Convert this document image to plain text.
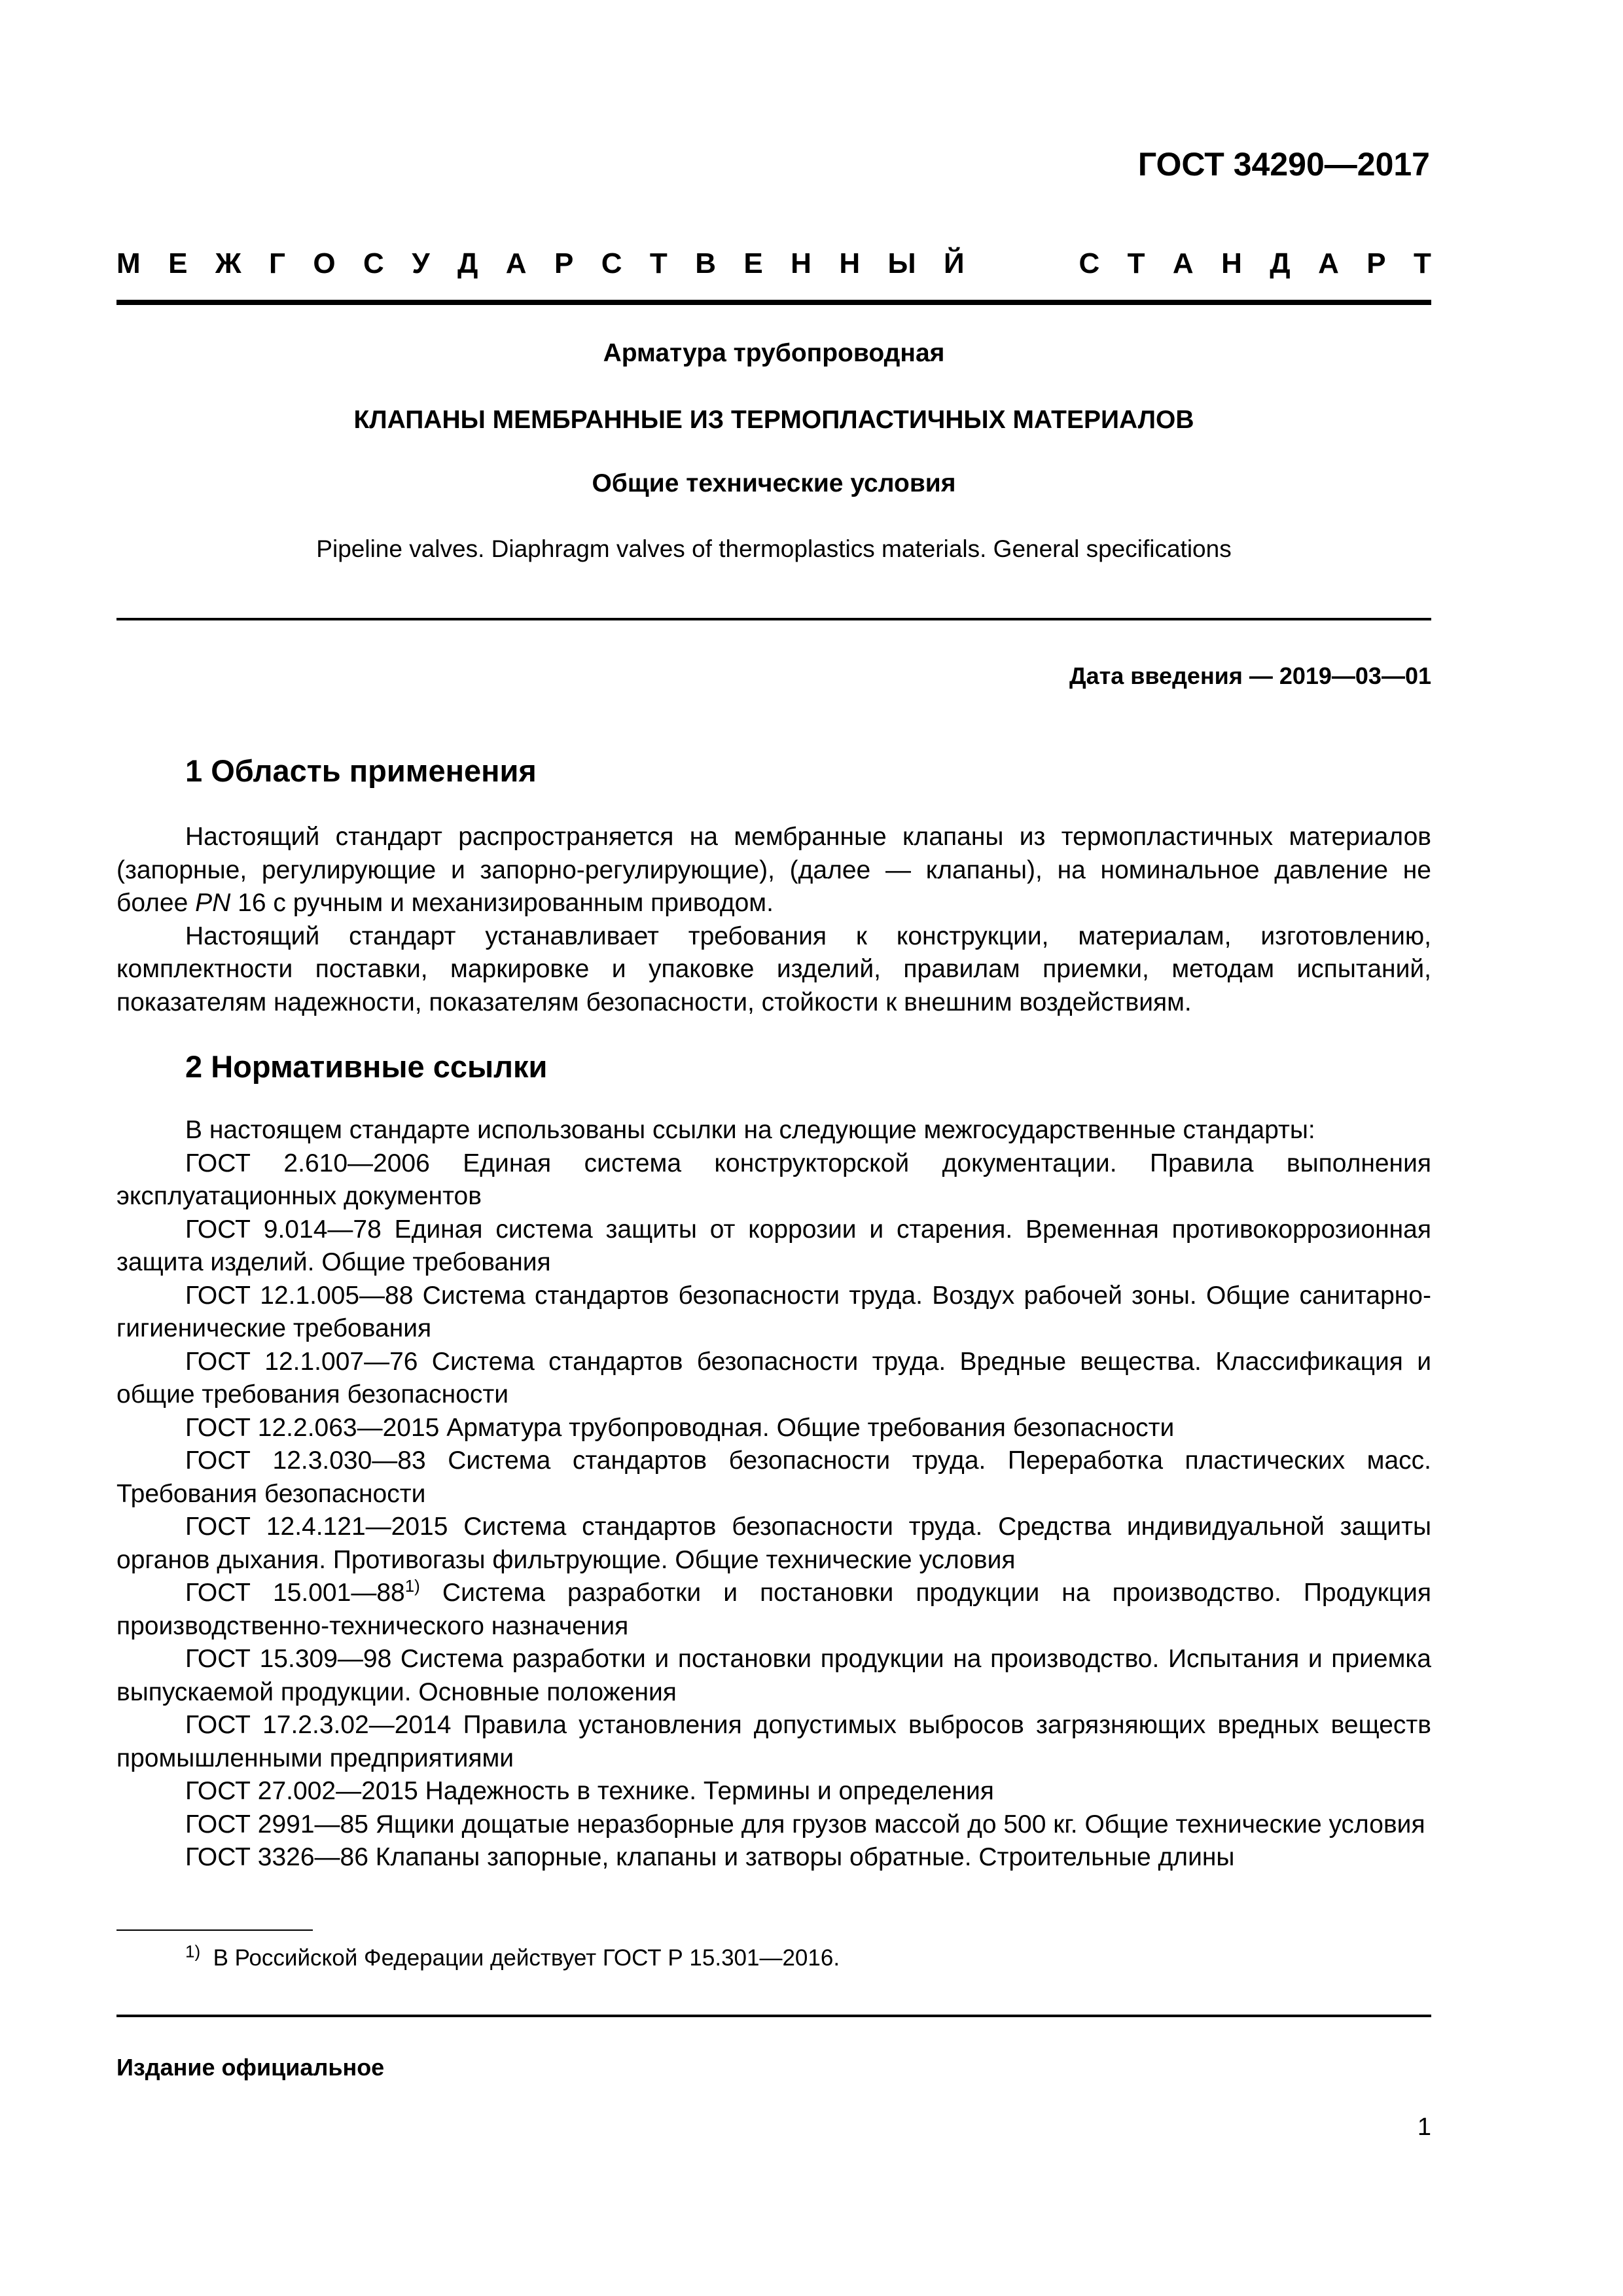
ГОСТ 34290—2017
М Е Ж Г О С У Д А Р С Т В Е Н Н Ы Й	С Т А Н Д А Р Т
Арматура трубопроводная
КЛАПАНЫ МЕМБРАННЫЕ ИЗ ТЕРМОПЛАСТИЧНЫХ МАТЕРИАЛОВ
Общие технические условия
Pipeline valves. Diaphragm valves of thermoplastics materials. General specifications
Дата введения — 2019—03—01
1 Область применения

Настоящий стандарт распространяется на мембранные клапаны из термопластичных материалов (запорные, регулирующие и запорно-регулирующие), (далее — клапаны), на номинальное давление не более PN 16 с ручным и механизированным приводом.

Настоящий стандарт устанавливает требования к конструкции, материалам, изготовлению, комплектности поставки, маркировке и упаковке изделий, правилам приемки, методам испытаний, показателям надежности, показателям безопасности, стойкости к внешним воздействиям.

2 Нормативные ссылки

В настоящем стандарте использованы ссылки на следующие межгосударственные стандарты:

ГОСТ 2.610—2006 Единая система конструкторской документации. Правила выполнения эксплуатационных документов

ГОСТ 9.014—78 Единая система защиты от коррозии и старения. Временная противокоррозионная защита изделий. Общие требования

ГОСТ 12.1.005—88 Система стандартов безопасности труда. Воздух рабочей зоны. Общие санитарно-гигиенические требования

ГОСТ 12.1.007—76 Система стандартов безопасности труда. Вредные вещества. Классификация и общие требования безопасности

ГОСТ 12.2.063—2015 Арматура трубопроводная. Общие требования безопасности

ГОСТ 12.3.030—83 Система стандартов безопасности труда. Переработка пластических масс. Требования безопасности

ГОСТ 12.4.121—2015 Система стандартов безопасности труда. Средства индивидуальной защиты органов дыхания. Противогазы фильтрующие. Общие технические условия

ГОСТ 15.001—88$^{1)}$ Система разработки и постановки продукции на производство. Продукция производственно-технического назначения

ГОСТ 15.309—98 Система разработки и постановки продукции на производство. Испытания и приемка выпускаемой продукции. Основные положения

ГОСТ 17.2.3.02—2014 Правила установления допустимых выбросов загрязняющих вредных веществ промышленными предприятиями

ГОСТ 27.002—2015 Надежность в технике. Термины и определения

ГОСТ 2991—85 Ящики дощатые неразборные для грузов массой до 500 кг. Общие технические условия

ГОСТ 3326—86 Клапаны запорные, клапаны и затворы обратные. Строительные длины

$^{1)}$ В Российской Федерации действует ГОСТ Р 15.301—2016.
Издание официальное
1
